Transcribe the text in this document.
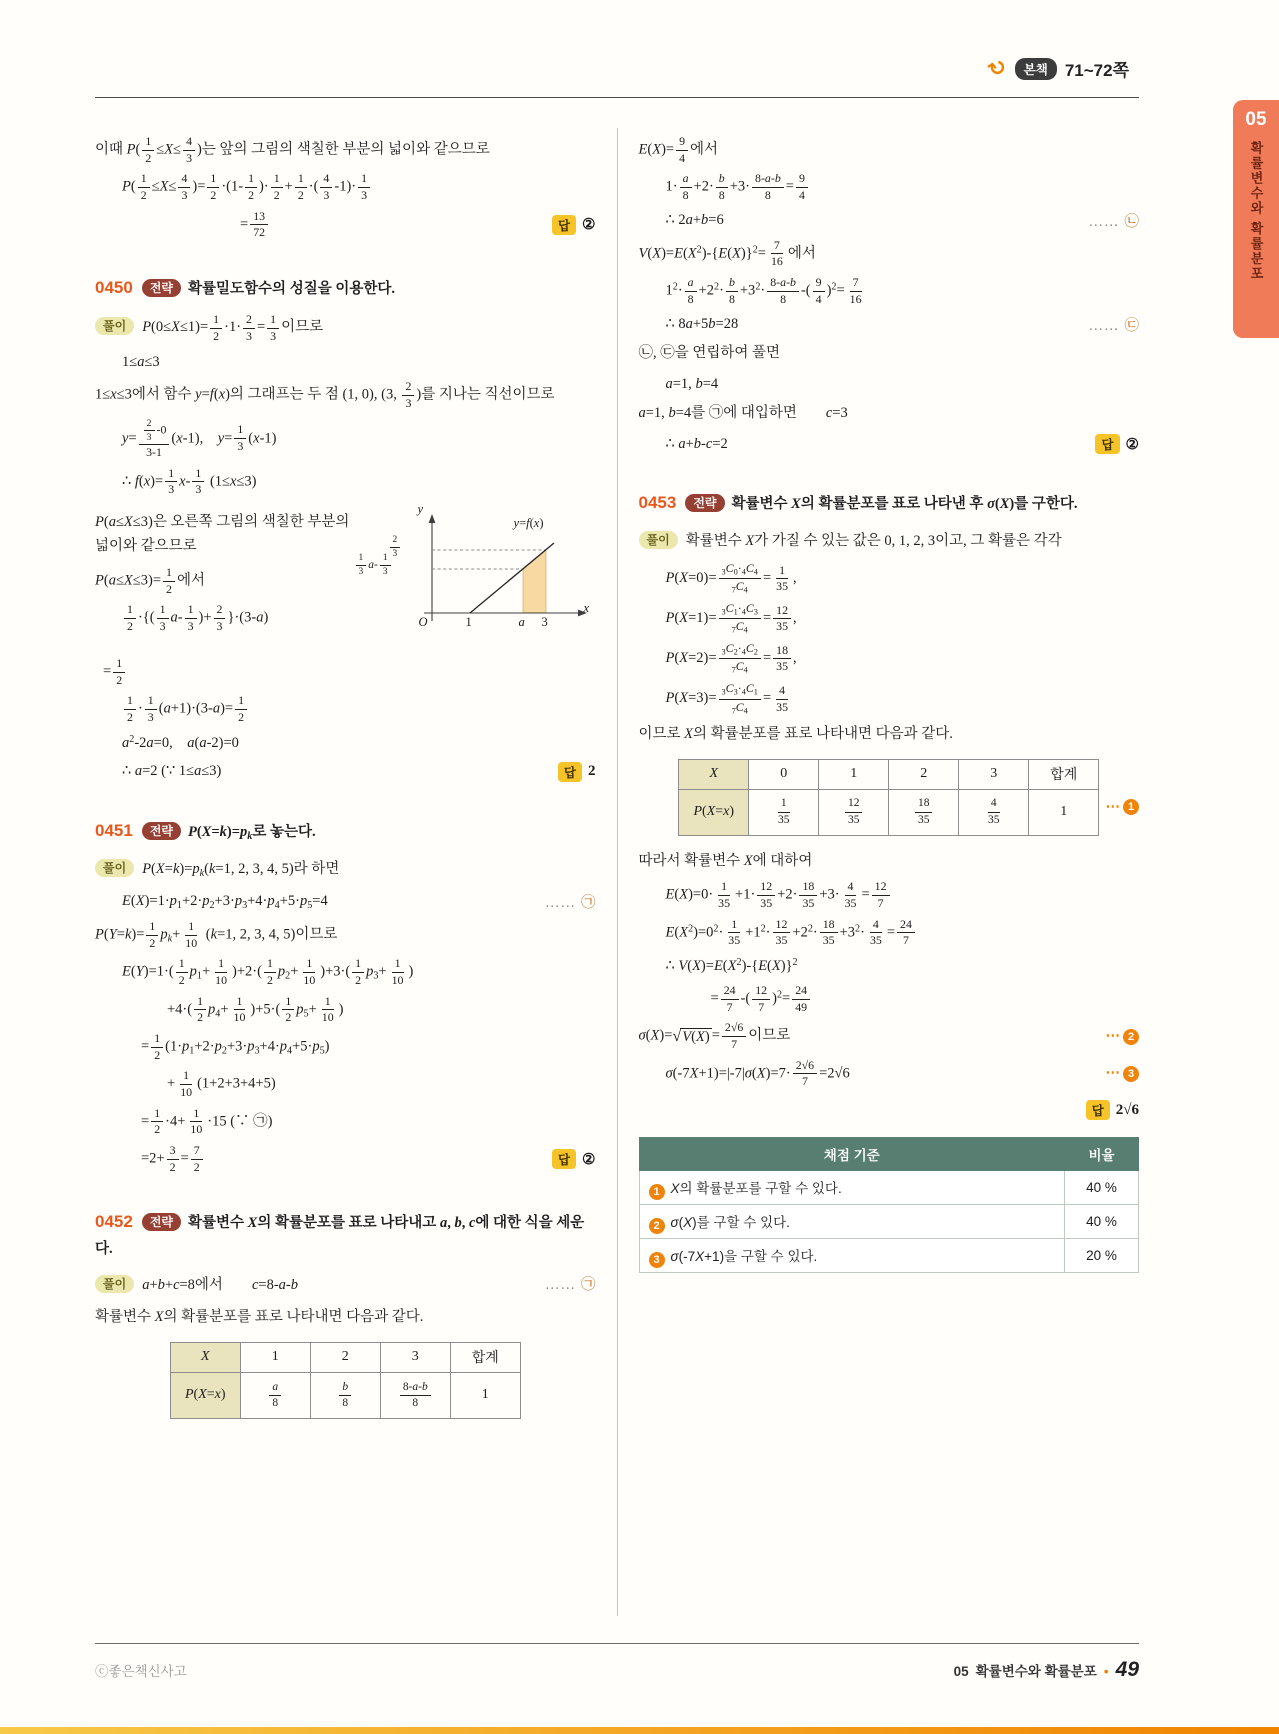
↻ 본책	71~72쪽
05
확률변수와 확률분포
이때 $P( \frac{1}{2} \le X\le \frac{4}{3}$ )는 앞의 그림의 색칠한 부분의 넓이와 같으므로
$P( \frac{1}{2} \le X\le \frac{4}{3}$ )= $\frac{1}{2} \cdot(1- \frac{1}{2}$ )· $\frac{1}{2} + \frac{1}{2}$ ·( $\frac{4}{3} -1)\cdot \frac{1}{3}$
= $\frac{13}{72}$	답 ②
0450 전략 확률밀도함수의 성질을 이용한다.
풀이 $P(0\le X\le 1)= \frac{1}{2} \cdot 1\cdot \frac{2}{3} = \frac{1}{3}$ 이므로
1≤a≤3
1≤x≤3에서 함수 y=f(x)의 그래프는 두 점 (1, 0), (3, $\frac{2}{3}$ )를 지나는 직선이므로
$y= \frac{\frac{2}{3} -0}{3-1} (x-1)$, $y= \frac{1}{3} (x-1)$
∴ $f(x)= \frac{1}{3} x- \frac{1}{3} (1\le x\le 3)$
P(a≤X≤3)은 오른쪽 그림의 색칠한 부분의 넓이와 같으므로
$P(a\le X\le 3)= \frac{1}{2}$ 에서
$\frac{1}{2}$ ·{( $\frac{1}{3} a- \frac{1}{3}$ )+ $\frac{2}{3} \}\cdot(3-a)$
y
x
O	1	a 3
y=f(x)
$\frac{2}{3}$
$\frac{1}{3} a- \frac{1}{3}$
= $\frac{1}{2}$
$\frac{1}{2} \cdot \frac{1}{3} (a+1)\cdot(3-a)= \frac{1}{2}$
$a^2-2a=0$, a(a-2)=0
∴ a=2 (∵ 1≤a≤3)	답 2
0451 전략 $P(X=k)=p_k$로 놓는다.
풀이 $P(X=k)=p_k(k=1$, 2, 3, 4, 5)라 하면
$E(X)=1\cdot p_1+2\cdot p_2+3\cdot p_3+4\cdot p_4+5\cdot p_5=4$	…… ㉠
$P(Y=k)= \frac{1}{2} p_k+ \frac{1}{10} (k=1$, 2, 3, 4, 5)이므로
$E(Y)=1\cdot( \frac{1}{2} p_1+ \frac{1}{10} )+2\cdot( \frac{1}{2} p_2+ \frac{1}{10} )+3\cdot( \frac{1}{2} p_3+ \frac{1}{10}$ )
$+4\cdot( \frac{1}{2} p_4+ \frac{1}{10} )+5\cdot( \frac{1}{2} p_5+ \frac{1}{10}$ )
= $\frac{1}{2} (1\cdot p_1+2\cdot p_2+3\cdot p_3+4\cdot p_4+5\cdot p_5)$
+ $\frac{1}{10} (1+2+3+4+5)$
= $\frac{1}{2} \cdot 4+ \frac{1}{10} \cdot 15$ (∵ ㉠)
$=2+ \frac{3}{2} = \frac{7}{2}$	답 ②
0452 전략 확률변수 X의 확률분포를 표로 나타내고 a, b, c에 대한 식을 세운다.
…… ㉠
풀이 a+b+c=8에서  c=8-a-b
확률변수 X의 확률분포를 표로 나타내면 다음과 같다.
X	1	2	3	합계
P(X=x)	$\frac{a}{8}$	$\frac{b}{8}$	$\frac{8-a-b}{8}$	1
$E(X)= \frac{9}{4}$ 에서
$1\cdot \frac{a}{8} +2\cdot \frac{b}{8} +3\cdot \frac{8-a-b}{8} = \frac{9}{4}$
∴ 2a+b=6	…… ㉡
$V(X)=E(X^2)-\{E(X)\}^2= \frac{7}{16}$ 에서
$1^2\cdot \frac{a}{8} +2^2\cdot \frac{b}{8} +3^2\cdot \frac{8-a-b}{8}$ -( $\frac{9}{4} )^2= \frac{7}{16}$
∴ 8a+5b=28	…… ㉢
㉡, ㉢을 연립하여 풀면
a=1, b=4
a=1, b=4를 ㉠에 대입하면  c=3
∴ a+b-c=2	답 ②
0453 전략 확률변수 X의 확률분포를 표로 나타낸 후 σ(X)를 구한다.
풀이 확률변수 X가 가질 수 있는 값은 0, 1, 2, 3이고, 그 확률은 각각
$P(X=0)= \frac{_3C_0\cdot_4C_4}{_7C_4} = \frac{1}{35}$ ,
$P(X=1)= \frac{_3C_1\cdot_4C_3}{_7C_4} = \frac{12}{35}$ ,
$P(X=2)= \frac{_3C_2\cdot_4C_2}{_7C_4} = \frac{18}{35}$ ,
$P(X=3)= \frac{_3C_3\cdot_4C_1}{_7C_4} = \frac{4}{35}$
이므로 X의 확률분포를 표로 나타내면 다음과 같다.
X	0	1	2	3	합계
P(X=x)	$\frac{1}{35}$	$\frac{12}{35}$	$\frac{18}{35}$	$\frac{4}{35}$	1	⋯ 1
따라서 확률변수 X에 대하여
$E(X)=0\cdot \frac{1}{35} +1\cdot \frac{12}{35} +2\cdot \frac{18}{35} +3\cdot \frac{4}{35} = \frac{12}{7}$
$E(X^2)=0^2\cdot \frac{1}{35} +1^2\cdot \frac{12}{35} +2^2\cdot \frac{18}{35} +3^2\cdot \frac{4}{35} = \frac{24}{7}$
∴ $V(X)=E(X^2)-\{E(X)\}^2$
= $\frac{24}{7}$ -( $\frac{12}{7} )^2= \frac{24}{49}$
σ(X)= √ $V(X) = \frac{2√6}{7}$ 이므로	⋯ 2
$\sigma(-7X+1)=|-7|\sigma(X)=7\cdot \frac{2√6}{7} =2√6$	⋯ 3
답 2√6
채점 기준	비율
1 X의 확률분포를 구할 수 있다.	40 %
2 σ(X)를 구할 수 있다.	40 %
3 σ(-7X+1)을 구할 수 있다.	20 %
ⓒ좋은책신사고	05 확률변수와 확률분포 • 49
